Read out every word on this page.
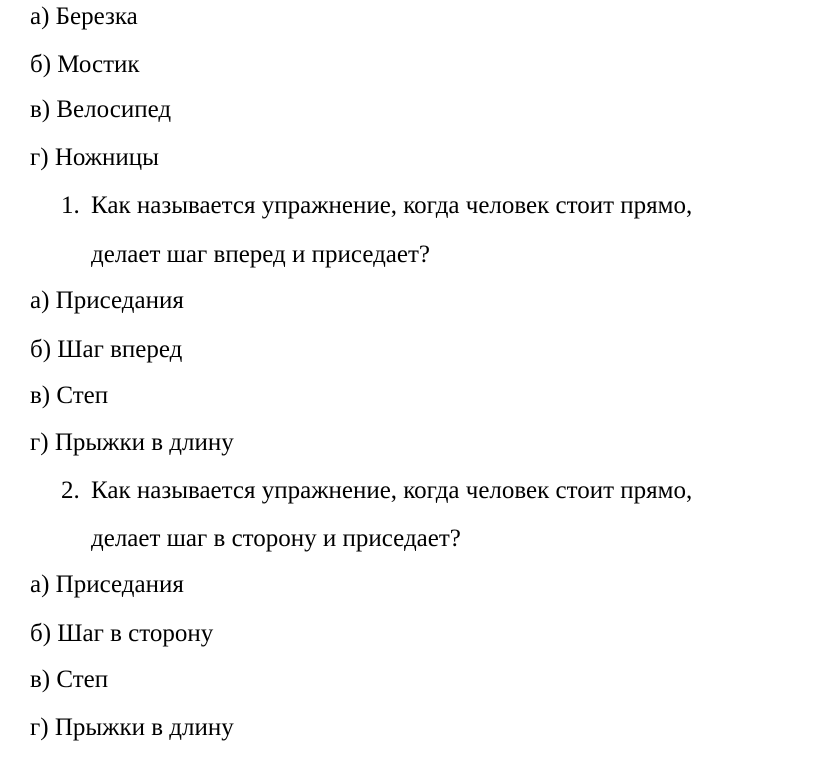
а) Березка
б) Мостик
в) Велосипед
г) Ножницы
1. Как называется упражнение, когда человек стоит прямо,
делает шаг вперед и приседает?
а) Приседания
б) Шаг вперед
в) Степ
г) Прыжки в длину
2. Как называется упражнение, когда человек стоит прямо,
делает шаг в сторону и приседает?
а) Приседания
б) Шаг в сторону
в) Степ
г) Прыжки в длину
